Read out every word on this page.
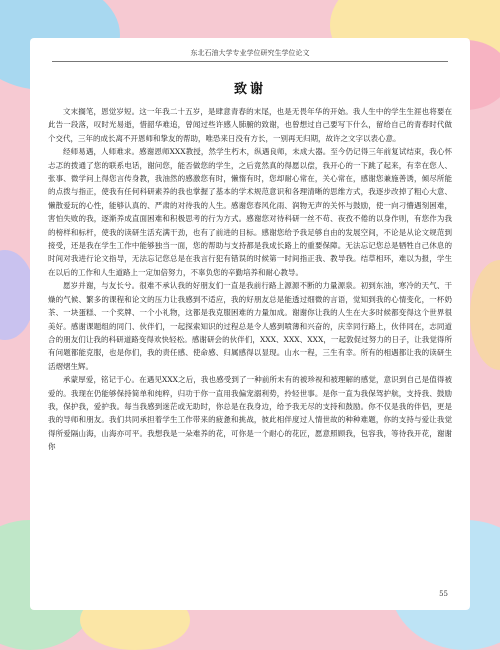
东北石油大学专业学位研究生学位论文
致谢

文末搁笔，恩觉岁短。这一年我二十五岁，是肆意青春的末尾，也是无畏年华的开始。我人生中的学生生涯也将要在此告一段落，叹时光易逝，惜韶华难追，曾闻过些许感人肺腑的致谢，也曾想过自己要写下什么，留给自己的青春时代做个交代，三年的成长离不开恩师和挚友的帮助，唯恐来日没有方长，一别再无归期，故许之文字以表心意。

经师易遇，人师难求。感谢恩师XXX教授，然学生朽木，纵遇良师，未成大器。至今仍记得三年前复试结束，我心怀忐忑的拨通了您的联系电话，谢问您，能否做您的学生，之后竟然真的得愿以偿，我开心的一下跳了起来，有幸在您人、张事、微学问上得您言传身教，我油然的感激您有时，懒惰有时，您却耐心常在，关心常在，感谢您兼施善诱，倾尽所能的点拨与指正，使我有任何科研素养的我也掌握了基本的学术规范意识和各理清晰的思维方式，我逐步改掉了粗心大意、懒散爱玩的心性，能够认真的、严肃的对待我的人生。感谢您春风化雨、润物无声的关怀与鼓励，使一向刁懵遇刻困难，害怕失败的我，逐渐养成直面困难和积极思考的行为方式。感谢您对待科研一丝不苟、夜孜不倦的以身作则，有您作为我的榜样和标杆，使我的读研生活充满干劲，也有了前进的目标。感谢您给予我足够自由的发展空间，不论是从论文规范到接受，还是我在学生工作中能够独当一面，您的帮助与支持都是我成长路上的重要保障。无法忘记您总是牺牲自己休息的时间对我进行论文指导，无法忘记您总是在我言行犯有错误的时候第一时间指正我、教导我。结草相环，难以为报，学生在以后的工作和人生道路上一定加倍努力，不辜负您的辛勤培养和耐心教导。

愿岁并谢，与友长兮。很难不承认我的好朋友们一直是我前行路上源源不断的力量源泉。初到东油，寒冷的天气、干燥的气候、繁多的课程和论文的压力让我感到不适应，我的好朋友总是能透过细微的言语，觉知到我的心情变化，一杯奶茶、一块蛋糕、一个奖牌、一个小礼物，这都是我克服困难的力量加成。谢谢你让我的人生在大多时候都变得这个世界很美好。感谢课题组的同门、伙伴们，一起探索知识的过程总是令人感到喷薄和兴奋的，庆幸同行路上，伙伴同在，志同道合的朋友们让我的科研道路变得欢快轻松。感谢研会的伙伴们，XXX、XXX、XXX，一起敦促过努力的日子，让我觉得所有问题都能克服，也是你们，我的责任感、使命感、归属感得以显现。山水一程，三生有幸。所有的相遇都让我的读研生活熠熠生辉。

承蒙厚爱，铭记于心。在遇见XXX之后，我也感受到了一种前所未有的被珍视和被理解的感觉，意识到自己是值得被爱的。我现在仍能够保持简单和纯粹，归功于你一直用我偏宠溺利势，拎轻世事。是你一直为我保驾护航，支持我、鼓励我，保护我，爱护我。每当我感到迷茫或无助时，你总是在我身边，给予我无尽的支持和鼓励。你不仅是我的伴侣，更是我的导师和朋友。我们共同承担着学生工作带来的疲惫和挑战，彼此相伴度过人情世故的种种难题，你的支持与爱让我觉得所爱隔山海，山海亦可平。我想我是一朵难养的花，可你是一个耐心的花匠，愿意照顾我，包容我，等待我开花，谢谢你

55
